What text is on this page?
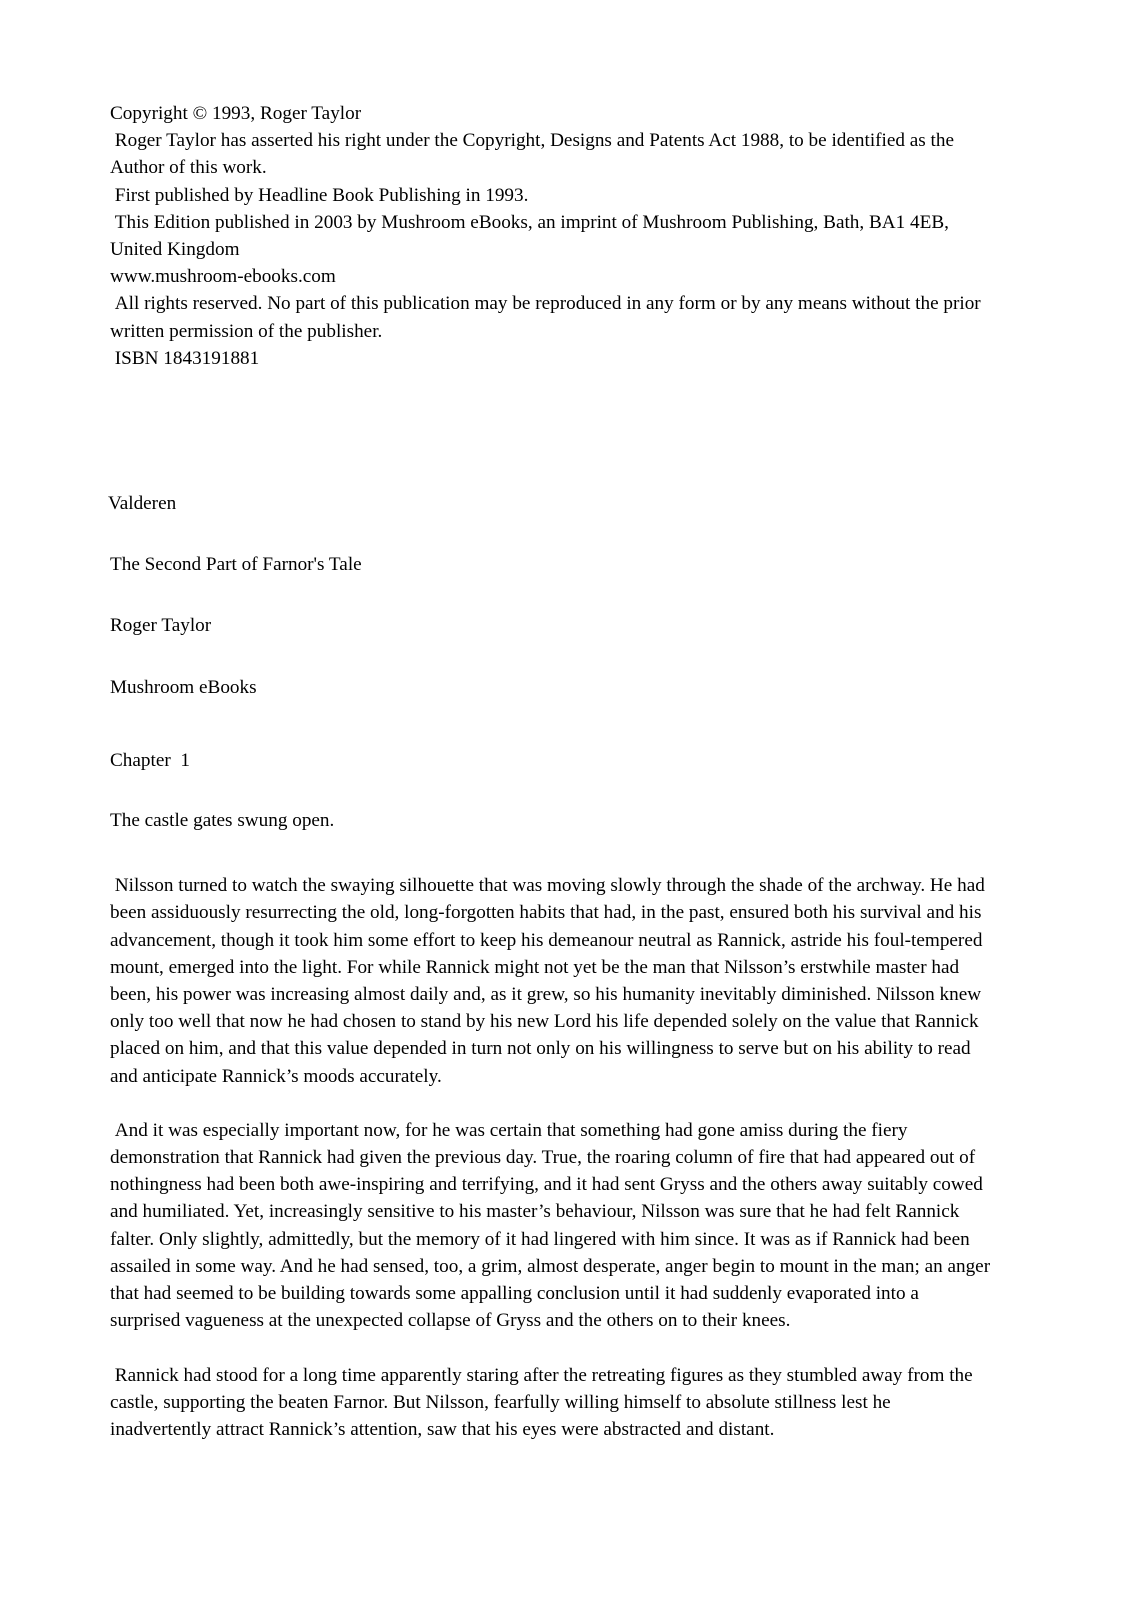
Copyright © 1993, Roger Taylor

Roger Taylor has asserted his right under the Copyright, Designs and Patents Act 1988, to be identified as the Author of this work.

First published by Headline Book Publishing in 1993.

This Edition published in 2003 by Mushroom eBooks, an imprint of Mushroom Publishing, Bath, BA1 4EB, United Kingdom

www.mushroom-ebooks.com

All rights reserved. No part of this publication may be reproduced in any form or by any means without the prior written permission of the publisher.

ISBN 1843191881

Valderen

The Second Part of Farnor's Tale

Roger Taylor

Mushroom eBooks

Chapter  1

The castle gates swung open.

Nilsson turned to watch the swaying silhouette that was moving slowly through the shade of the archway. He had been assiduously resurrecting the old, long-forgotten habits that had, in the past, ensured both his survival and his advancement, though it took him some effort to keep his demeanour neutral as Rannick, astride his foul-tempered mount, emerged into the light. For while Rannick might not yet be the man that Nilsson’s erstwhile master had been, his power was increasing almost daily and, as it grew, so his humanity inevitably diminished. Nilsson knew only too well that now he had chosen to stand by his new Lord his life depended solely on the value that Rannick placed on him, and that this value depended in turn not only on his willingness to serve but on his ability to read and anticipate Rannick’s moods accurately.

And it was especially important now, for he was certain that something had gone amiss during the fiery demonstration that Rannick had given the previous day. True, the roaring column of fire that had appeared out of nothingness had been both awe-inspiring and terrifying, and it had sent Gryss and the others away suitably cowed and humiliated. Yet, increasingly sensitive to his master’s behaviour, Nilsson was sure that he had felt Rannick falter. Only slightly, admittedly, but the memory of it had lingered with him since. It was as if Rannick had been assailed in some way. And he had sensed, too, a grim, almost desperate, anger begin to mount in the man; an anger that had seemed to be building towards some appalling conclusion until it had suddenly evaporated into a surprised vagueness at the unexpected collapse of Gryss and the others on to their knees.

Rannick had stood for a long time apparently staring after the retreating figures as they stumbled away from the castle, supporting the beaten Farnor. But Nilsson, fearfully willing himself to absolute stillness lest he inadvertently attract Rannick’s attention, saw that his eyes were abstracted and distant.
